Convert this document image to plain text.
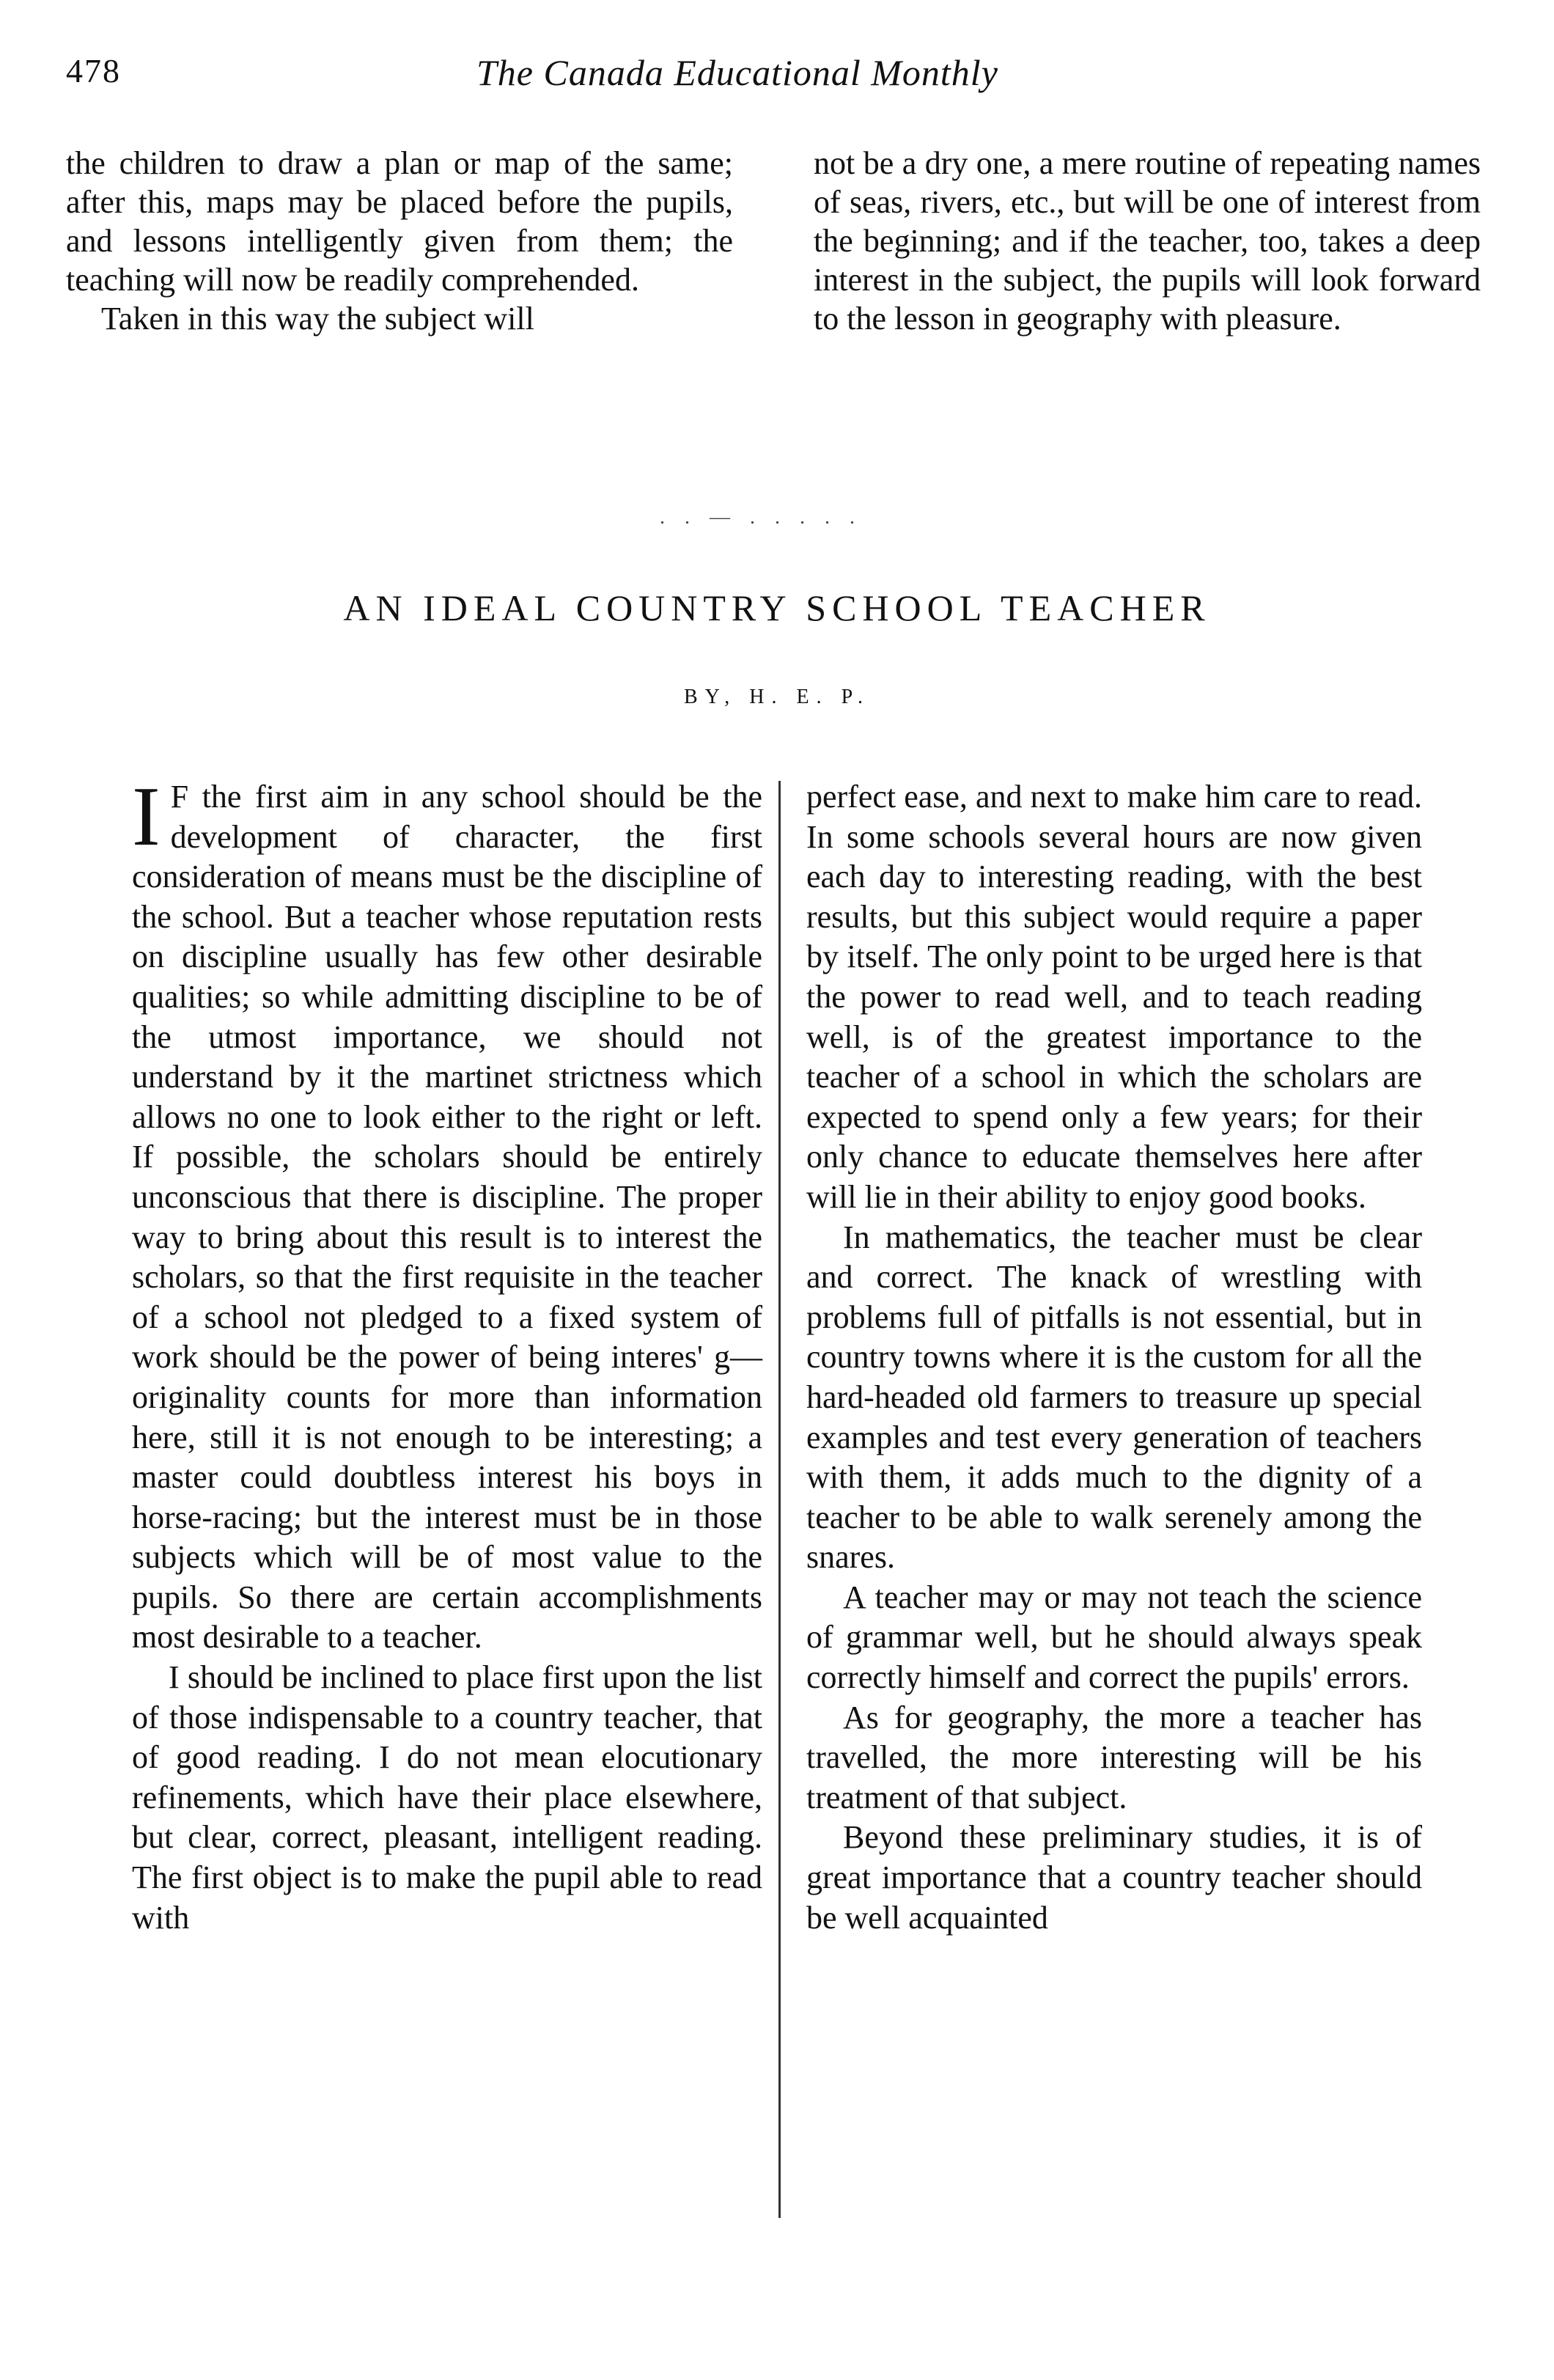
478	The Canada Educational Monthly

the children to draw a plan or map of the same; after this, maps may be placed before the pupils, and lessons intelligently given from them; the teaching will now be readily comprehended.

Taken in this way the subject will

not be a dry one, a mere routine of repeating names of seas, rivers, etc., but will be one of interest from the beginning; and if the teacher, too, takes a deep interest in the subject, the pupils will look forward to the lesson in geography with pleasure.

. . — . . . . .
AN IDEAL COUNTRY SCHOOL TEACHER
BY, H. E. P.

I F the first aim in any school should be the development of character, the first consideration of means must be the discipline of the school. But a teacher whose reputation rests on discipline usually has few other desirable qualities; so while admitting discipline to be of the utmost importance, we should not understand by it the martinet strictness which allows no one to look either to the right or left. If possible, the scholars should be entirely unconscious that there is discipline. The proper way to bring about this result is to interest the scholars, so that the first requisite in the teacher of a school not pledged to a fixed system of work should be the power of being interes' g—originality counts for more than information here, still it is not enough to be interesting; a master could doubtless interest his boys in horse-racing; but the interest must be in those subjects which will be of most value to the pupils. So there are certain accomplishments most desirable to a teacher.

I should be inclined to place first upon the list of those indispensable to a country teacher, that of good reading. I do not mean elocutionary refinements, which have their place elsewhere, but clear, correct, pleasant, intelligent reading. The first object is to make the pupil able to read with

perfect ease, and next to make him care to read. In some schools several hours are now given each day to interesting reading, with the best results, but this subject would require a paper by itself. The only point to be urged here is that the power to read well, and to teach reading well, is of the greatest importance to the teacher of a school in which the scholars are expected to spend only a few years; for their only chance to educate themselves here after will lie in their ability to enjoy good books.

In mathematics, the teacher must be clear and correct. The knack of wrestling with problems full of pitfalls is not essential, but in country towns where it is the custom for all the hard-headed old farmers to treasure up special examples and test every generation of teachers with them, it adds much to the dignity of a teacher to be able to walk serenely among the snares.

A teacher may or may not teach the science of grammar well, but he should always speak correctly himself and correct the pupils' errors.

As for geography, the more a teacher has travelled, the more interesting will be his treatment of that subject.

Beyond these preliminary studies, it is of great importance that a country teacher should be well acquainted
